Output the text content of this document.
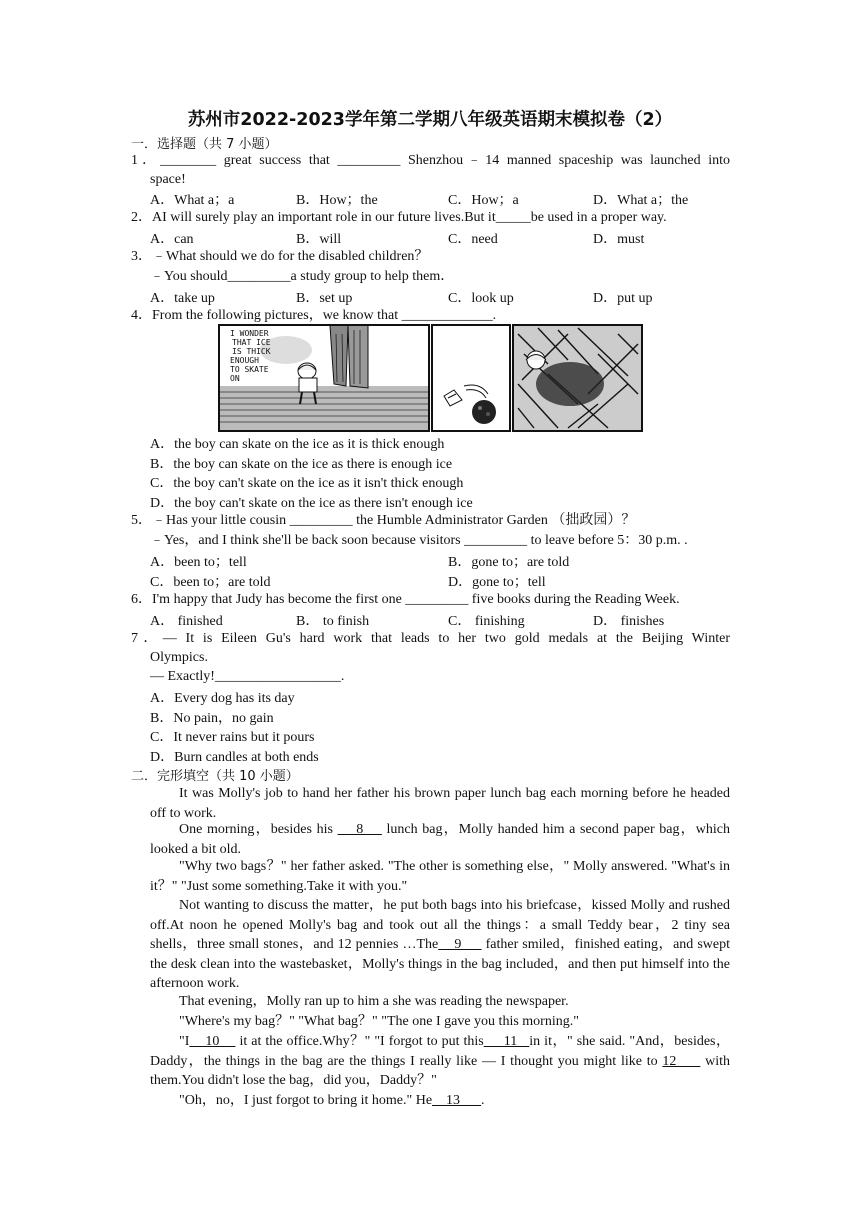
苏州市2022-2023学年第二学期八年级英语期末模拟卷（2）
一．选择题（共 7 小题）
1．________ great success that _________ Shenzhou﹣14 manned spaceship was launched into
space!
A．What a；a	B．How；the	C．How；a	D．What a；the
2．AI will surely play an important role in our future lives.But it_____be used in a proper way.
A．can	B．will	C．need	D．must
3．﹣What should we do for the disabled children？
﹣You should_________a study group to help them．
A．take up	B．set up	C．look up	D．put up
4．From the following pictures，we know that _____________.
I WONDER
THAT ICE
IS THICK
ENOUGH
TO SKATE
ON
A．the boy can skate on the ice as it is thick enough
B．the boy can skate on the ice as there is enough ice
C．the boy can't skate on the ice as it isn't thick enough
D．the boy can't skate on the ice as there isn't enough ice
5．﹣Has your little cousin _________ the Humble Administrator Garden （拙政园）？
﹣Yes，and I think she'll be back soon because visitors _________ to leave before 5：30 p.m. .
A．been to；tell	B．gone to；are told
C．been to；are told	D．gone to；tell
6．I'm happy that Judy has become the first one _________ five books during the Reading Week.
A． finished	B． to finish	C． finishing	D． finishes
7．— It is Eileen Gu's hard work that leads to her two gold medals at the Beijing Winter
Olympics.
— Exactly!__________________.
A．Every dog has its day
B．No pain，no gain
C．It never rains but it pours
D．Burn candles at both ends
二．完形填空（共 10 小题）
It was Molly's job to hand her father his brown paper lunch bag each morning before he headed off to work.
One morning，besides his     8     lunch bag，Molly handed him a second paper bag，which looked a bit old.
"Why two bags？" her father asked. "The other is something else，" Molly answered. "What's in it？" "Just some something.Take it with you."
Not wanting to discuss the matter，he put both bags into his briefcase，kissed Molly and rushed off.At noon he opened Molly's bag and took out all the things：a small Teddy bear，2 tiny sea shells，three small stones，and 12 pennies …The    9      father smiled，finished eating，and swept the desk clean into the wastebasket，Molly's things in the bag included，and then put himself into the afternoon work.
That evening，Molly ran up to him a she was reading the newspaper.
"Where's my bag？" "What bag？" "The one I gave you this morning."
"I    10     it at the office.Why？" "I forgot to put this     11   in it，" she said. "And，besides，Daddy，the things in the bag are the things I really like — I thought you might like to 12      with them.You didn't lose the bag，did you，Daddy？"
"Oh，no，I just forgot to bring it home." He    13      .
